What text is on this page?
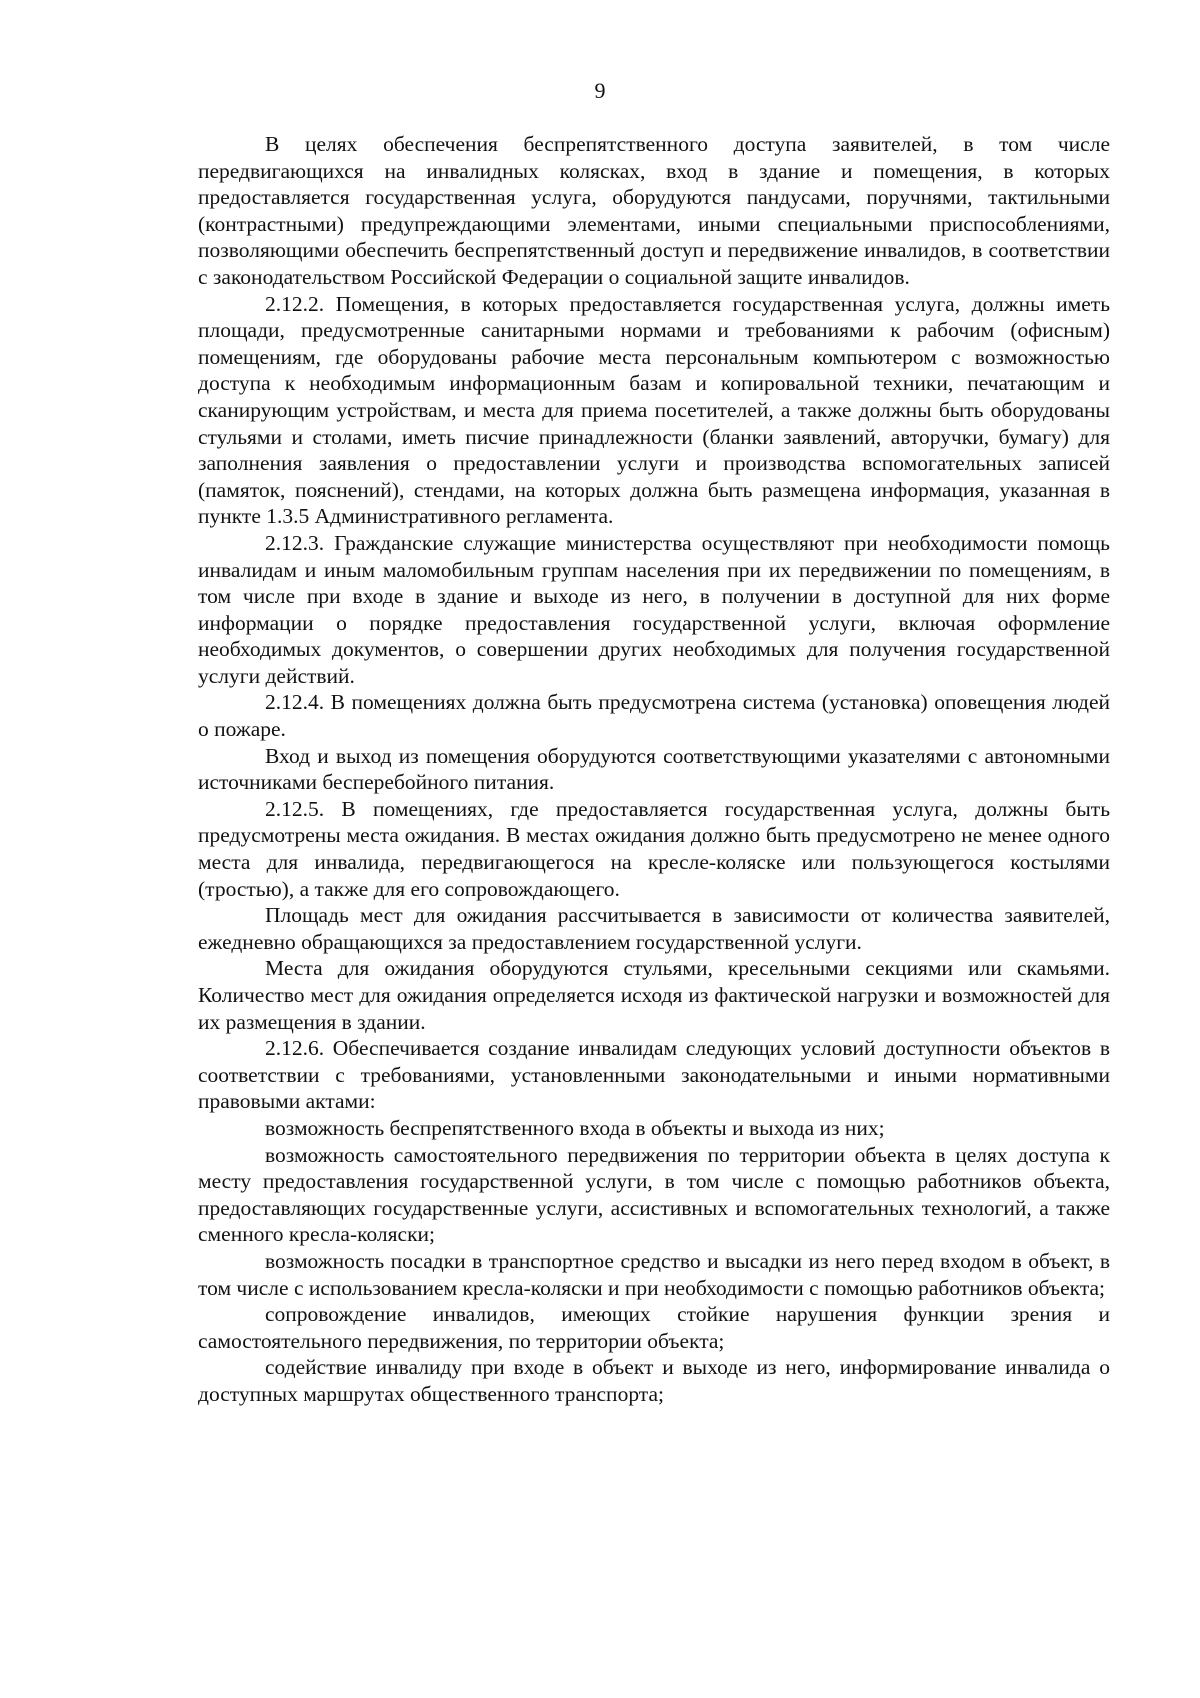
9

В целях обеспечения беспрепятственного доступа заявителей, в том числе передвигающихся на инвалидных колясках, вход в здание и помещения, в которых предоставляется государственная услуга, оборудуются пандусами, поручнями, тактильными (контрастными) предупреждающими элементами, иными специальными приспособлениями, позволяющими обеспечить беспрепятственный доступ и передвижение инвалидов, в соответствии с законодательством Российской Федерации о социальной защите инвалидов.

2.12.2. Помещения, в которых предоставляется государственная услуга, должны иметь площади, предусмотренные санитарными нормами и требованиями к рабочим (офисным) помещениям, где оборудованы рабочие места персональным компьютером с возможностью доступа к необходимым информационным базам и копировальной техники, печатающим и сканирующим устройствам, и места для приема посетителей, а также должны быть оборудованы стульями и столами, иметь писчие принадлежности (бланки заявлений, авторучки, бумагу) для заполнения заявления о предоставлении услуги и производства вспомогательных записей (памяток, пояснений), стендами, на которых должна быть размещена информация, указанная в пункте 1.3.5 Административного регламента.

2.12.3. Гражданские служащие министерства осуществляют при необходимости помощь инвалидам и иным маломобильным группам населения при их передвижении по помещениям, в том числе при входе в здание и выходе из него, в получении в доступной для них форме информации о порядке предоставления государственной услуги, включая оформление необходимых документов, о совершении других необходимых для получения государственной услуги действий.

2.12.4. В помещениях должна быть предусмотрена система (установка) оповещения людей о пожаре.

Вход и выход из помещения оборудуются соответствующими указателями с автономными источниками бесперебойного питания.

2.12.5. В помещениях, где предоставляется государственная услуга, должны быть предусмотрены места ожидания. В местах ожидания должно быть предусмотрено не менее одного места для инвалида, передвигающегося на кресле-коляске или пользующегося костылями (тростью), а также для его сопровождающего.

Площадь мест для ожидания рассчитывается в зависимости от количества заявителей, ежедневно обращающихся за предоставлением государственной услуги.

Места для ожидания оборудуются стульями, кресельными секциями или скамьями. Количество мест для ожидания определяется исходя из фактической нагрузки и возможностей для их размещения в здании.

2.12.6. Обеспечивается создание инвалидам следующих условий доступности объектов в соответствии с требованиями, установленными законодательными и иными нормативными правовыми актами:

возможность беспрепятственного входа в объекты и выхода из них;

возможность самостоятельного передвижения по территории объекта в целях доступа к месту предоставления государственной услуги, в том числе с помощью работников объекта, предоставляющих государственные услуги, ассистивных и вспомогательных технологий, а также сменного кресла-коляски;

возможность посадки в транспортное средство и высадки из него перед входом в объект, в том числе с использованием кресла-коляски и при необходимости с помощью работников объекта;

сопровождение инвалидов, имеющих стойкие нарушения функции зрения и самостоятельного передвижения, по территории объекта;

содействие инвалиду при входе в объект и выходе из него, информирование инвалида о доступных маршрутах общественного транспорта;
